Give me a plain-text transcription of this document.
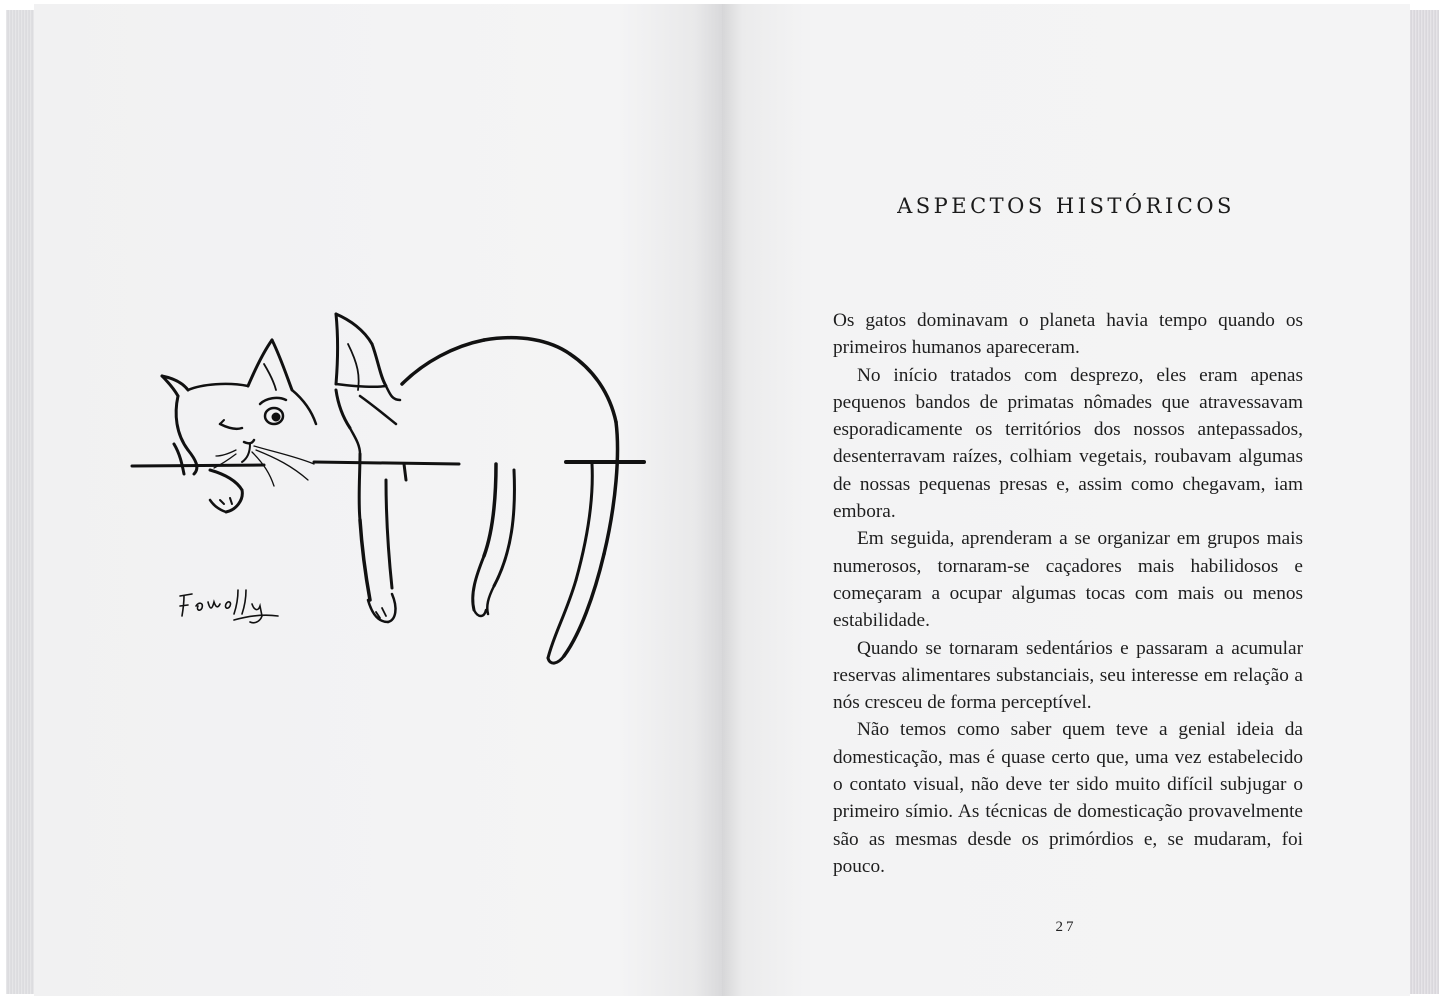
ASPECTOS HISTÓRICOS

Os gatos dominavam o planeta havia tempo quando os primeiros humanos apareceram.

No início tratados com desprezo, eles eram apenas pequenos bandos de primatas nômades que atravessavam esporadicamente os territórios dos nossos antepassados, desenterravam raízes, colhiam vegetais, roubavam algumas de nossas pequenas presas e, assim como chegavam, iam embora.

Em seguida, aprenderam a se organizar em grupos mais numerosos, tornaram-se caçadores mais habilidosos e começaram a ocupar algumas tocas com mais ou menos estabilidade.

Quando se tornaram sedentários e passaram a acumular reservas alimentares substanciais, seu interesse em relação a nós cresceu de forma perceptível.

Não temos como saber quem teve a genial ideia da domesticação, mas é quase certo que, uma vez estabelecido o contato visual, não deve ter sido muito difícil subjugar o primeiro símio. As técnicas de domesticação provavelmente são as mesmas desde os primórdios e, se mudaram, foi pouco.

27
